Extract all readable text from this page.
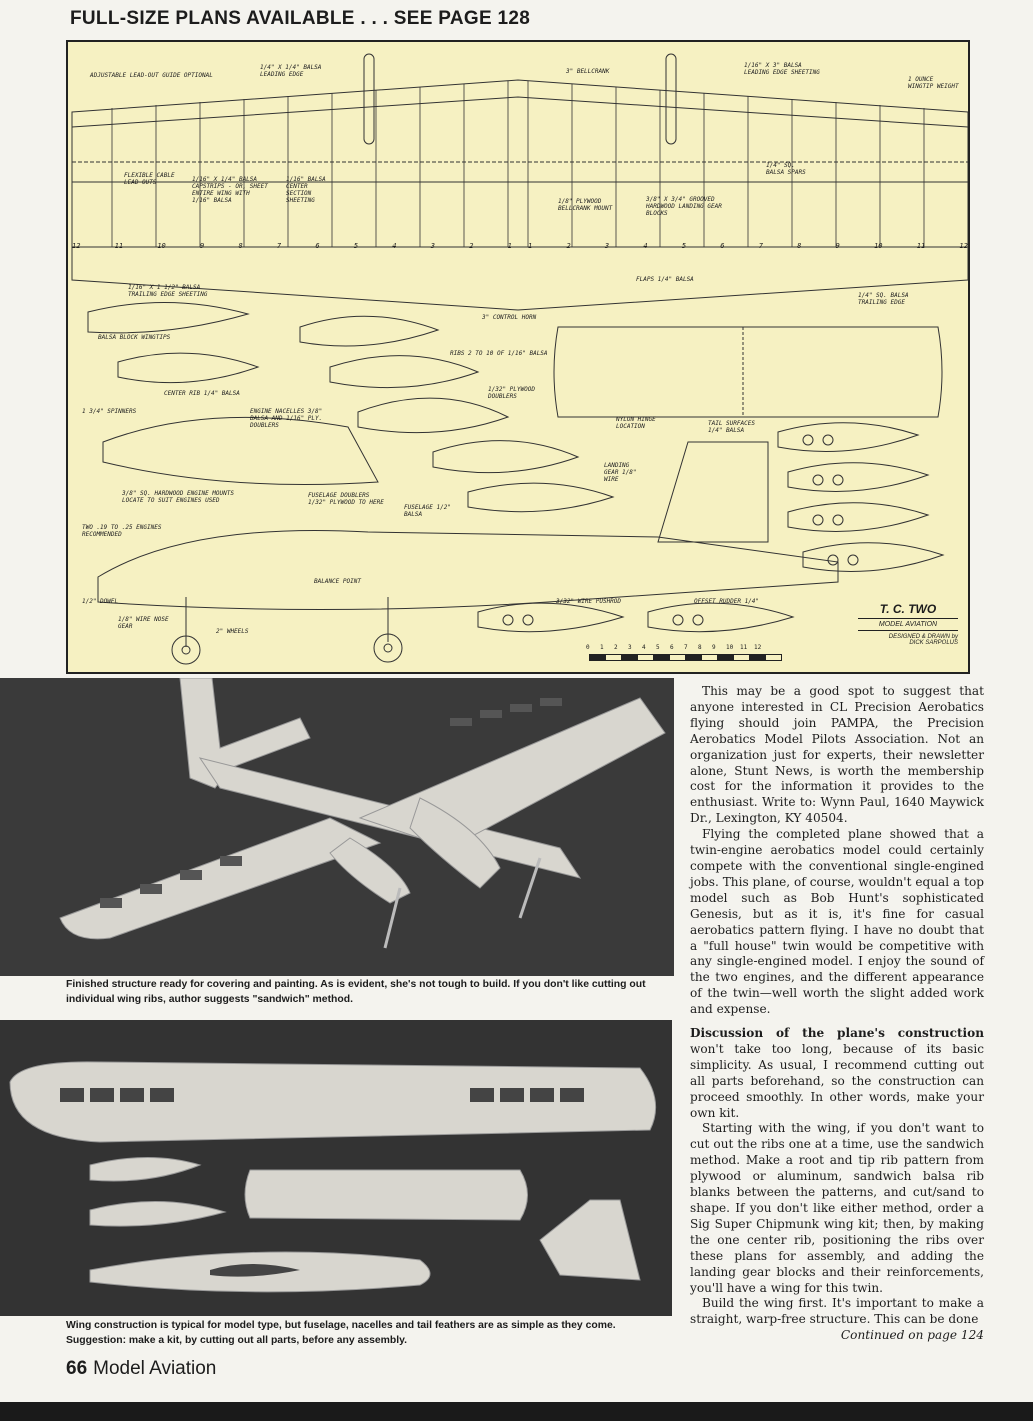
FULL-SIZE PLANS AVAILABLE . . . SEE PAGE 128
ADJUSTABLE LEAD-OUT GUIDE OPTIONAL
1/4" X 1/4" BALSA LEADING EDGE	3" BELLCRANK
1/16" X 3" BALSA LEADING EDGE SHEETING
1 OUNCE WINGTIP WEIGHT
FLEXIBLE CABLE LEAD-OUTS	1/16" X 1/4" BALSA CAPSTRIPS - OR, SHEET ENTIRE WING WITH 1/16" BALSA
1/16" BALSA CENTER SECTION SHEETING	1/8" PLYWOOD BELLCRANK MOUNT
3/8" X 3/4" GROOVED HARDWOOD LANDING GEAR BLOCKS
1/4" SQ. BALSA SPARS
12	11	10	9	8	7	6	5	4	3	2	1 1	2	3	4	5	6	7	8	9	10	11	12
1/16" X 1 1/2" BALSA TRAILING EDGE SHEETING
FLAPS 1/4" BALSA
3" CONTROL HORN
1/4" SQ. BALSA TRAILING EDGE
BALSA BLOCK WINGTIPS
RIBS 2 TO 10 OF 1/16" BALSA
CENTER RIB 1/4" BALSA
1/32" PLYWOOD DOUBLERS
1 3/4" SPINNERS	ENGINE NACELLES 3/8" BALSA AND 1/16" PLY. DOUBLERS
NYLON HINGE LOCATION	TAIL SURFACES 1/4" BALSA
LANDING GEAR 1/8" WIRE
3/8" SQ. HARDWOOD ENGINE MOUNTS LOCATE TO SUIT ENGINES USED
FUSELAGE DOUBLERS 1/32" PLYWOOD TO HERE
FUSELAGE 1/2" BALSA
TWO .19 TO .25 ENGINES RECOMMENDED
BALANCE POINT
1/2" DOWEL
1/8" WIRE NOSE GEAR
2" WHEELS
3/32" WIRE PUSHROD	OFFSET RUDDER 1/4"
T. C. TWO
MODEL AVIATION
DESIGNED & DRAWN by
DICK SARPOLUS
0	1	2	3	4	5	6	7	8	9	10	11	12
Finished structure ready for covering and painting. As is evident, she's not tough to build. If you don't like cutting out individual wing ribs, author suggests "sandwich" method.
Wing construction is typical for model type, but fuselage, nacelles and tail feathers are as simple as they come. Suggestion: make a kit, by cutting out all parts, before any assembly.

This may be a good spot to suggest that anyone interested in CL Precision Aerobatics flying should join PAMPA, the Precision Aerobatics Model Pilots Association. Not an organization just for experts, their newsletter alone, Stunt News, is worth the membership cost for the information it provides to the enthusiast. Write to: Wynn Paul, 1640 Maywick Dr., Lexington, KY 40504.

Flying the completed plane showed that a twin-engine aerobatics model could certainly compete with the conventional single-engined jobs. This plane, of course, wouldn't equal a top model such as Bob Hunt's sophisticated Genesis, but as it is, it's fine for casual aerobatics pattern flying. I have no doubt that a "full house" twin would be competitive with any single-engined model. I enjoy the sound of the two engines, and the different appearance of the twin—well worth the slight added work and expense.

Discussion of the plane's construction won't take too long, because of its basic simplicity. As usual, I recommend cutting out all parts beforehand, so the construction can proceed smoothly. In other words, make your own kit.

Starting with the wing, if you don't want to cut out the ribs one at a time, use the sandwich method. Make a root and tip rib pattern from plywood or aluminum, sandwich balsa rib blanks between the patterns, and cut/sand to shape. If you don't like either method, order a Sig Super Chipmunk wing kit; then, by making the one center rib, positioning the ribs over these plans for assembly, and adding the landing gear blocks and their reinforcements, you'll have a wing for this twin.

Build the wing first. It's important to make a straight, warp-free structure. This can be done

Continued on page 124
66 Model Aviation
